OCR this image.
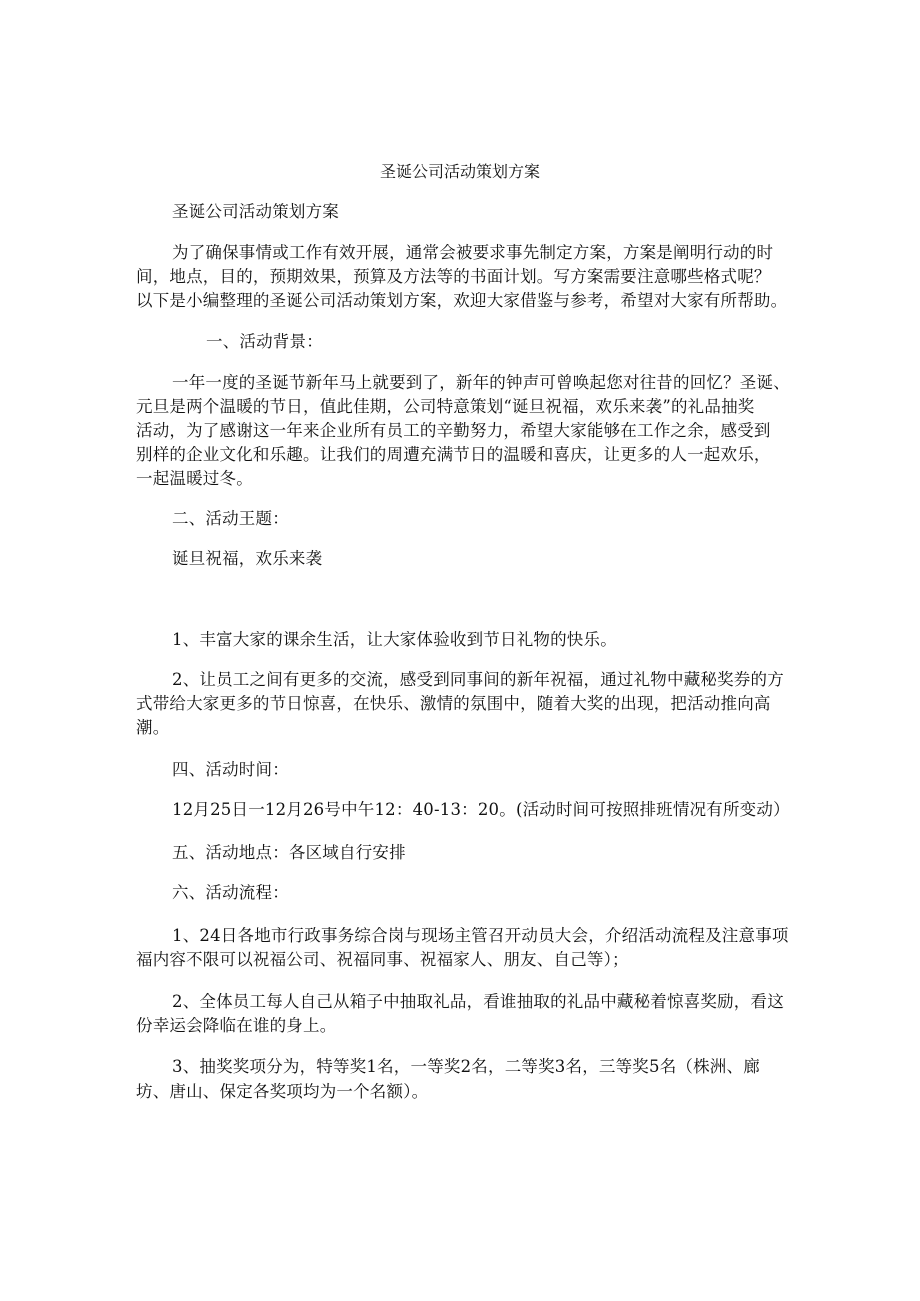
圣诞公司活动策划方案
圣诞公司活动策划方案
为了确保事情或工作有效开展，通常会被要求事先制定方案，方案是阐明行动的时
间，地点，目的，预期效果，预算及方法等的书面计划。写方案需要注意哪些格式呢？
以下是小编整理的圣诞公司活动策划方案，欢迎大家借鉴与参考，希望对大家有所帮助。
一、活动背景：
一年一度的圣诞节新年马上就要到了，新年的钟声可曾唤起您对往昔的回忆？圣诞、
元旦是两个温暖的节日，值此佳期，公司特意策划“诞旦祝福，欢乐来袭”的礼品抽奖
活动，为了感谢这一年来企业所有员工的辛勤努力，希望大家能够在工作之余，感受到
别样的企业文化和乐趣。让我们的周遭充满节日的温暖和喜庆，让更多的人一起欢乐，
一起温暖过冬。
二、活动王题：
诞旦祝福，欢乐来袭
1、丰富大家的课余生活，让大家体验收到节日礼物的快乐。
2、让员工之间有更多的交流，感受到同事间的新年祝福，通过礼物中藏秘奖券的方
式带给大家更多的节日惊喜，在快乐、激情的氛围中，随着大奖的出现，把活动推向高
潮。
四、活动时间：
12月25日一12月26号中午12：40-13：20。(活动时间可按照排班情况有所变动）
五、活动地点：各区域自行安排
六、活动流程：
1、24日各地市行政事务综合岗与现场主管召开动员大会，介绍活动流程及注意事项
福内容不限可以祝福公司、祝福同事、祝福家人、朋友、自己等）；
2、全体员工每人自己从箱子中抽取礼品，看谁抽取的礼品中藏秘着惊喜奖励，看这
份幸运会降临在谁的身上。
3、抽奖奖项分为，特等奖1名，一等奖2名，二等奖3名，三等奖5名（株洲、廊
坊、唐山、保定各奖项均为一个名额）。
